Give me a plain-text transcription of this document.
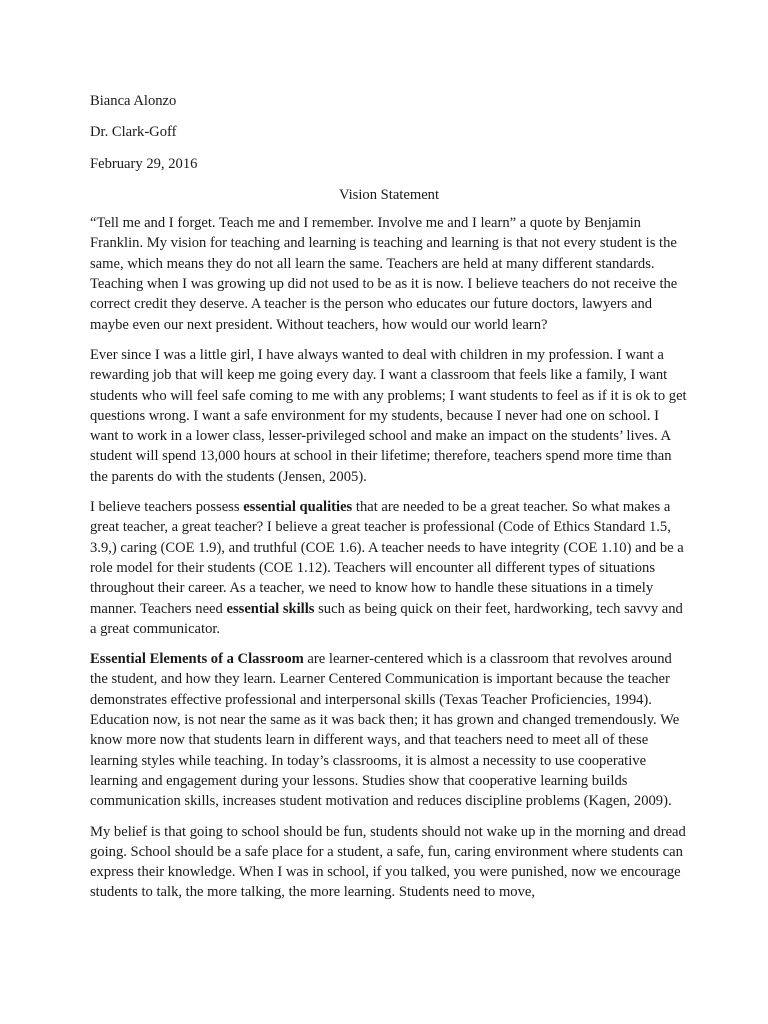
Bianca Alonzo
Dr. Clark-Goff
February 29, 2016
Vision Statement

“Tell me and I forget. Teach me and I remember. Involve me and I learn” a quote by Benjamin Franklin. My vision for teaching and learning is teaching and learning is that not every student is the same, which means they do not all learn the same. Teachers are held at many different standards. Teaching when I was growing up did not used to be as it is now. I believe teachers do not receive the correct credit they deserve. A teacher is the person who educates our future doctors, lawyers and maybe even our next president. Without teachers, how would our world learn?

Ever since I was a little girl, I have always wanted to deal with children in my profession. I want a rewarding job that will keep me going every day. I want a classroom that feels like a family, I want students who will feel safe coming to me with any problems; I want students to feel as if it is ok to get questions wrong. I want a safe environment for my students, because I never had one on school. I want to work in a lower class, lesser-privileged school and make an impact on the students’ lives. A student will spend 13,000 hours at school in their lifetime; therefore, teachers spend more time than the parents do with the students (Jensen, 2005).

I believe teachers possess essential qualities that are needed to be a great teacher. So what makes a great teacher, a great teacher? I believe a great teacher is professional (Code of Ethics Standard 1.5, 3.9,) caring (COE 1.9), and truthful (COE 1.6). A teacher needs to have integrity (COE 1.10) and be a role model for their students (COE 1.12). Teachers will encounter all different types of situations throughout their career. As a teacher, we need to know how to handle these situations in a timely manner. Teachers need essential skills such as being quick on their feet, hardworking, tech savvy and a great communicator.

Essential Elements of a Classroom are learner-centered which is a classroom that revolves around the student, and how they learn. Learner Centered Communication is important because the teacher demonstrates effective professional and interpersonal skills (Texas Teacher Proficiencies, 1994). Education now, is not near the same as it was back then; it has grown and changed tremendously. We know more now that students learn in different ways, and that teachers need to meet all of these learning styles while teaching. In today’s classrooms, it is almost a necessity to use cooperative learning and engagement during your lessons. Studies show that cooperative learning builds communication skills, increases student motivation and reduces discipline problems (Kagen, 2009).

My belief is that going to school should be fun, students should not wake up in the morning and dread going. School should be a safe place for a student, a safe, fun, caring environment where students can express their knowledge. When I was in school, if you talked, you were punished, now we encourage students to talk, the more talking, the more learning. Students need to move,
